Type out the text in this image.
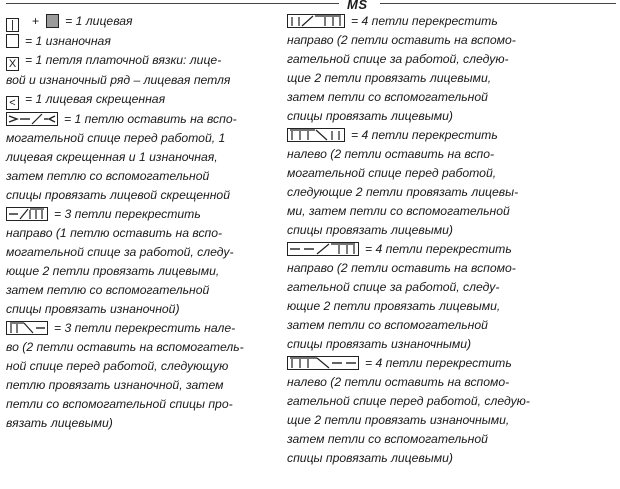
MS
|	+ = 1 лицевая
= 1 изнаночная
X = 1 петля платочной вязки: лице-
вой и изнаночный ряд – лицевая петля
< = 1 лицевая скрещенная
= 1 петлю оставить на вспо-
могательной спице перед работой, 1
лицевая скрещенная и 1 изнаночная,
затем петлю со вспомогательной
спицы провязать лицевой скрещенной
= 3 петли перекрестить
направо (1 петлю оставить на вспо-
могательной спице за работой, следу-
ющие 2 петли провязать лицевыми,
затем петлю со вспомогательной
спицы провязать изнаночной)
= 3 петли перекрестить нале-
во (2 петли оставить на вспомогатель-
ной спице перед работой, следующую
петлю провязать изнаночной, затем
петли со вспомогательной спицы про-
вязать лицевыми)
= 4 петли перекрестить
направо (2 петли оставить на вспомо-
гательной спице за работой, следую-
щие 2 петли провязать лицевыми,
затем петли со вспомогательной
спицы провязать лицевыми)
= 4 петли перекрестить
налево (2 петли оставить на вспо-
могательной спице перед работой,
следующие 2 петли провязать лицевы-
ми, затем петли со вспомогательной
спицы провязать лицевыми)
= 4 петли перекрестить
направо (2 петли оставить на вспомо-
гательной спице за работой, следу-
ющие 2 петли провязать лицевыми,
затем петли со вспомогательной
спицы провязать изнаночными)
= 4 петли перекрестить
налево (2 петли оставить на вспомо-
гательной спице перед работой, следую-
щие 2 петли провязать изнаночными,
затем петли со вспомогательной
спицы провязать лицевыми)
